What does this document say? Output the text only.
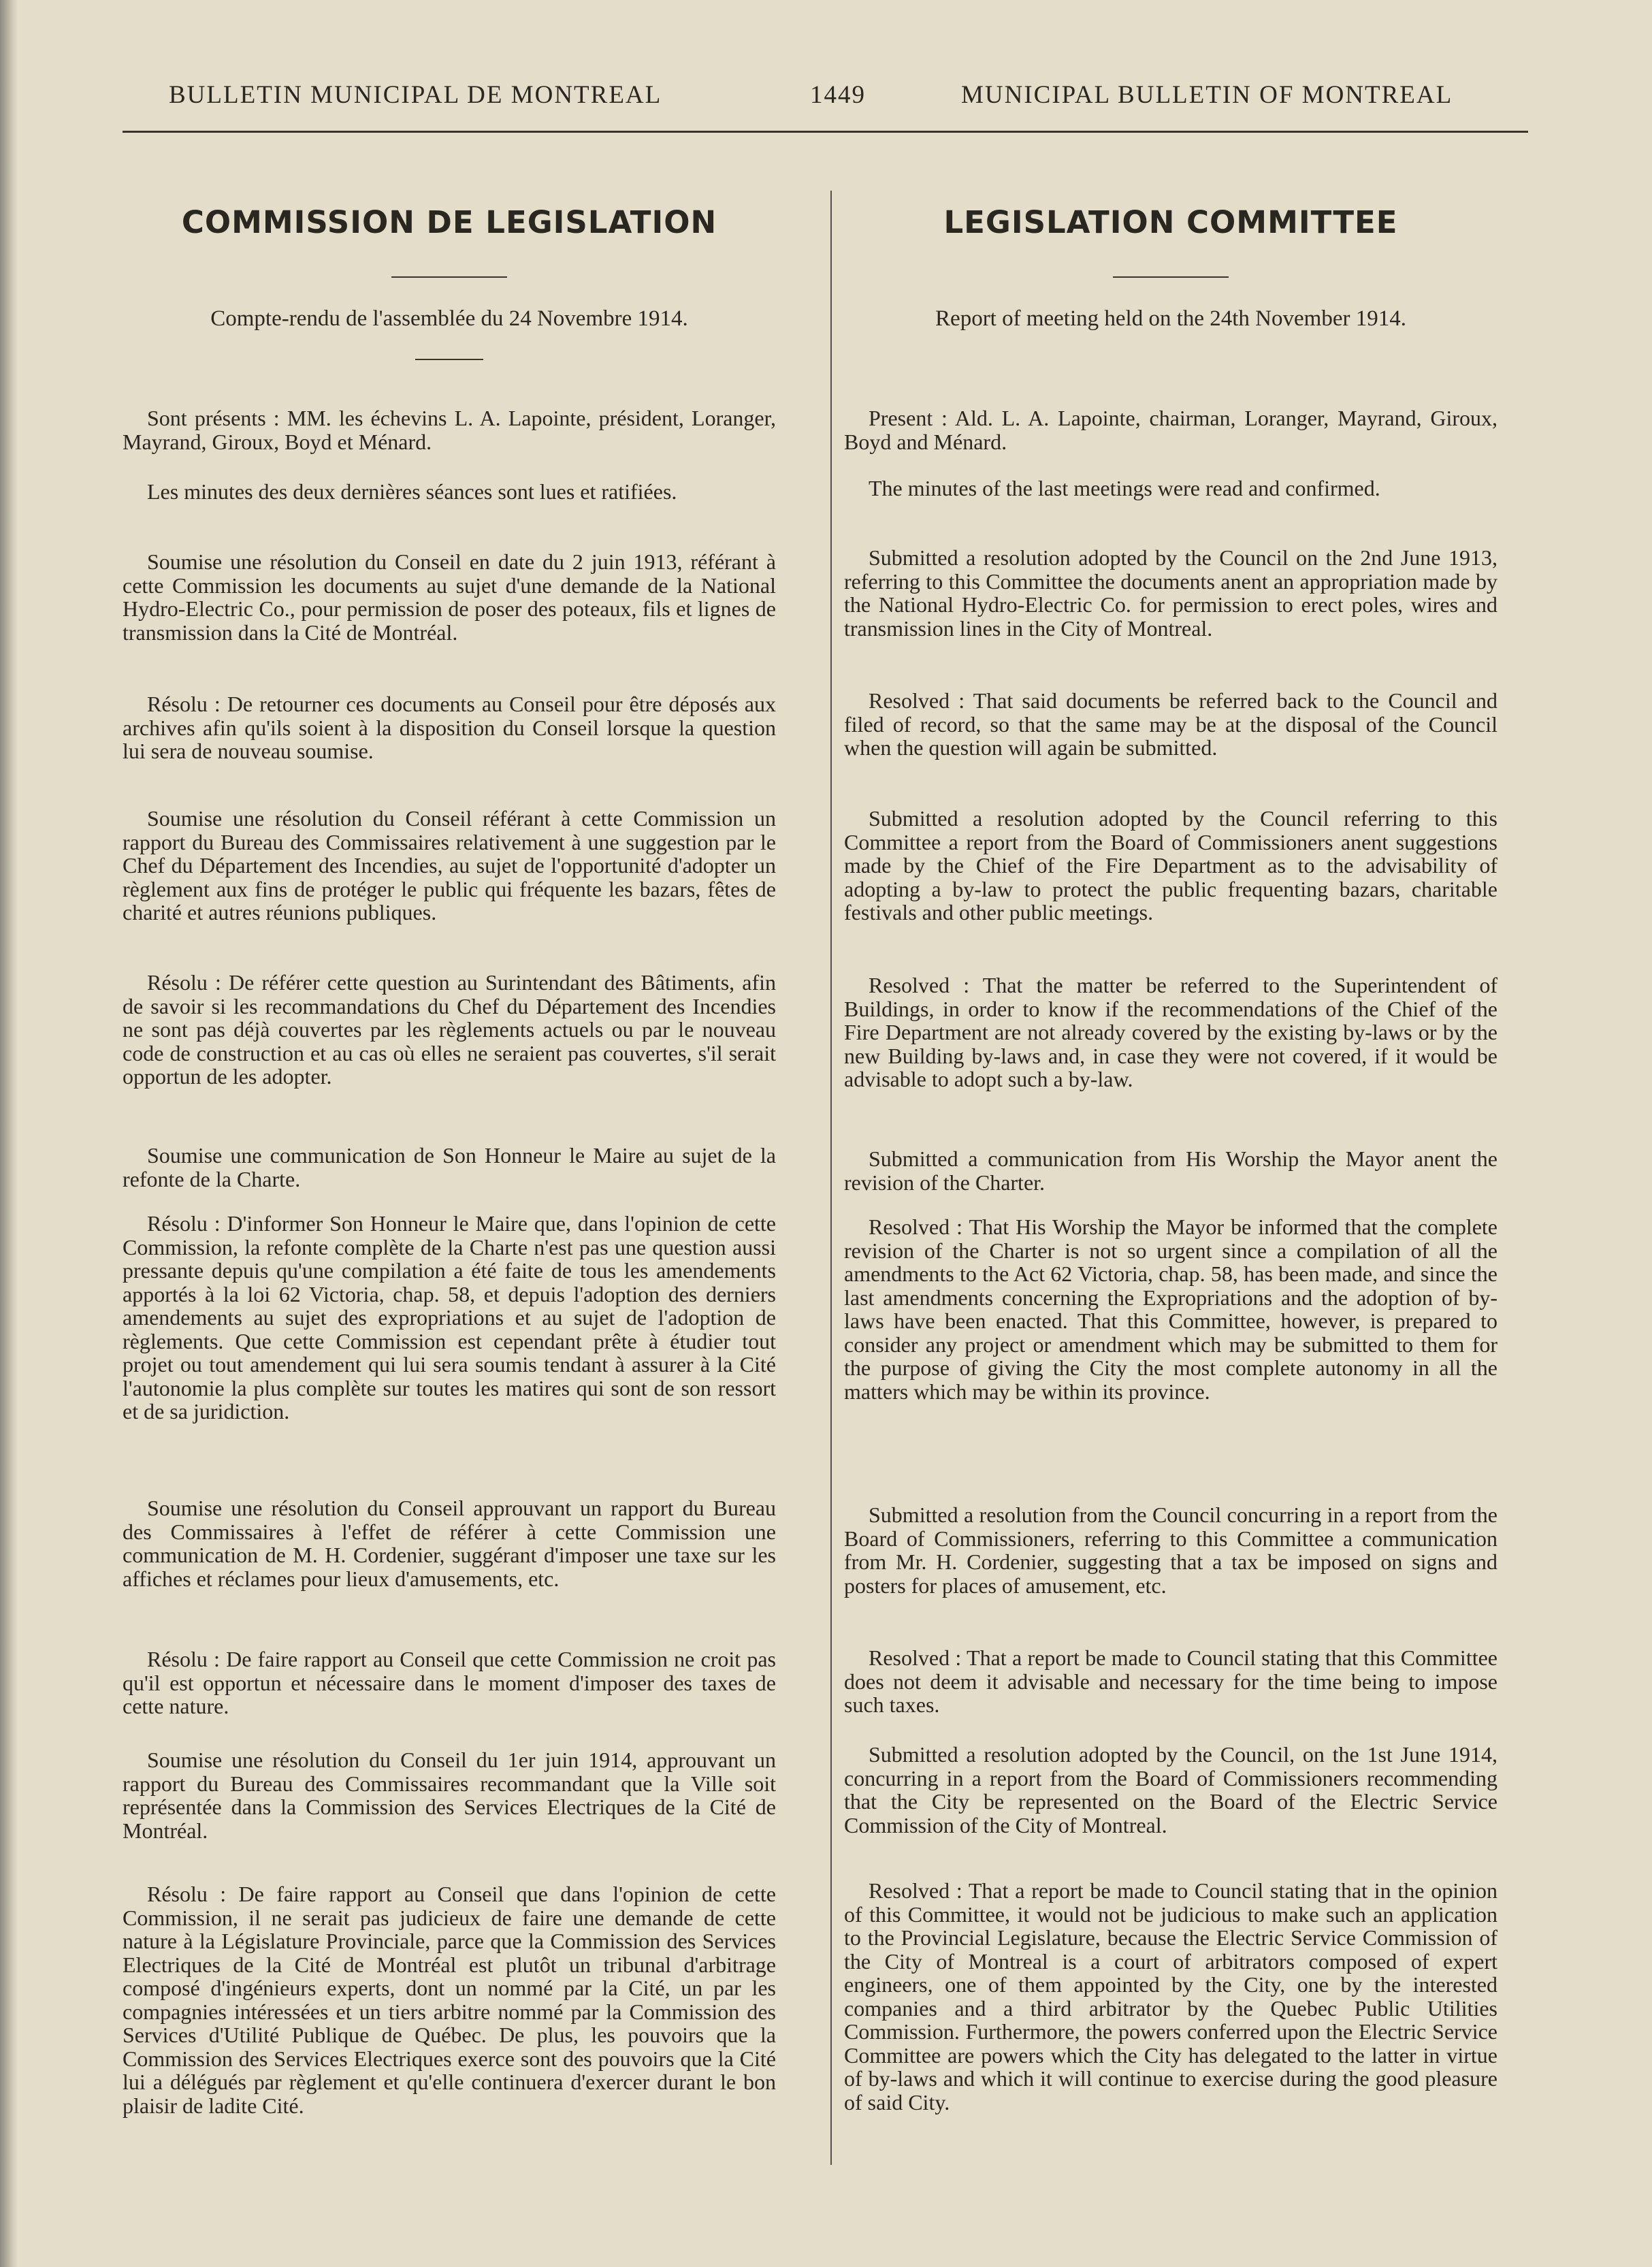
BULLETIN MUNICIPAL DE MONTREAL	1449	MUNICIPAL BULLETIN OF MONTREAL
COMMISSION DE LEGISLATION
Compte-rendu de l'assemblée du 24 Novembre 1914.

Sont présents : MM. les échevins L. A. Lapointe, président, Loranger, Mayrand, Giroux, Boyd et Ménard.

Les minutes des deux dernières séances sont lues et ratifiées.

Soumise une résolution du Conseil en date du 2 juin 1913, référant à cette Commission les documents au sujet d'une demande de la National Hydro-Electric Co., pour permission de poser des poteaux, fils et lignes de transmission dans la Cité de Montréal.

Résolu : De retourner ces documents au Conseil pour être déposés aux archives afin qu'ils soient à la disposition du Conseil lorsque la question lui sera de nouveau soumise.

Soumise une résolution du Conseil référant à cette Commission un rapport du Bureau des Commissaires relativement à une suggestion par le Chef du Département des Incendies, au sujet de l'opportunité d'adopter un règlement aux fins de protéger le public qui fréquente les bazars, fêtes de charité et autres réunions publiques.

Résolu : De référer cette question au Surintendant des Bâtiments, afin de savoir si les recommandations du Chef du Département des Incendies ne sont pas déjà couvertes par les règlements actuels ou par le nouveau code de construction et au cas où elles ne seraient pas couvertes, s'il serait opportun de les adopter.

Soumise une communication de Son Honneur le Maire au sujet de la refonte de la Charte.

Résolu : D'informer Son Honneur le Maire que, dans l'opinion de cette Commission, la refonte complète de la Charte n'est pas une question aussi pressante depuis qu'une compilation a été faite de tous les amendements apportés à la loi 62 Victoria, chap. 58, et depuis l'adoption des derniers amendements au sujet des expropriations et au sujet de l'adoption de règlements. Que cette Commission est cependant prête à étudier tout projet ou tout amendement qui lui sera soumis tendant à assurer à la Cité l'autonomie la plus complète sur toutes les matires qui sont de son ressort et de sa juridiction.

Soumise une résolution du Conseil approuvant un rapport du Bureau des Commissaires à l'effet de référer à cette Commission une communication de M. H. Cordenier, suggérant d'imposer une taxe sur les affiches et réclames pour lieux d'amusements, etc.

Résolu : De faire rapport au Conseil que cette Commission ne croit pas qu'il est opportun et nécessaire dans le moment d'imposer des taxes de cette nature.

Soumise une résolution du Conseil du 1er juin 1914, approuvant un rapport du Bureau des Commissaires recommandant que la Ville soit représentée dans la Commission des Services Electriques de la Cité de Montréal.

Résolu : De faire rapport au Conseil que dans l'opinion de cette Commission, il ne serait pas judicieux de faire une demande de cette nature à la Législature Provinciale, parce que la Commission des Services Electriques de la Cité de Montréal est plutôt un tribunal d'arbitrage composé d'ingénieurs experts, dont un nommé par la Cité, un par les compagnies intéressées et un tiers arbitre nommé par la Commission des Services d'Utilité Publique de Québec. De plus, les pouvoirs que la Commission des Services Electriques exerce sont des pouvoirs que la Cité lui a délégués par règlement et qu'elle continuera d'exercer durant le bon plaisir de ladite Cité.

LEGISLATION COMMITTEE
Report of meeting held on the 24th November 1914.

Present : Ald. L. A. Lapointe, chairman, Loranger, Mayrand, Giroux, Boyd and Ménard.

The minutes of the last meetings were read and confirmed.

Submitted a resolution adopted by the Council on the 2nd June 1913, referring to this Committee the documents anent an appropriation made by the National Hydro-Electric Co. for permission to erect poles, wires and transmission lines in the City of Montreal.

Resolved : That said documents be referred back to the Council and filed of record, so that the same may be at the disposal of the Council when the question will again be submitted.

Submitted a resolution adopted by the Council referring to this Committee a report from the Board of Commissioners anent suggestions made by the Chief of the Fire Department as to the advisability of adopting a by-law to protect the public frequenting bazars, charitable festivals and other public meetings.

Resolved : That the matter be referred to the Superintendent of Buildings, in order to know if the recommendations of the Chief of the Fire Department are not already covered by the existing by-laws or by the new Building by-laws and, in case they were not covered, if it would be advisable to adopt such a by-law.

Submitted a communication from His Worship the Mayor anent the revision of the Charter.

Resolved : That His Worship the Mayor be informed that the complete revision of the Charter is not so urgent since a compilation of all the amendments to the Act 62 Victoria, chap. 58, has been made, and since the last amendments concerning the Expropriations and the adoption of by-laws have been enacted. That this Committee, however, is prepared to consider any project or amendment which may be submitted to them for the purpose of giving the City the most complete autonomy in all the matters which may be within its province.

Submitted a resolution from the Council concurring in a report from the Board of Commissioners, referring to this Committee a communication from Mr. H. Cordenier, suggesting that a tax be imposed on signs and posters for places of amusement, etc.

Resolved : That a report be made to Council stating that this Committee does not deem it advisable and necessary for the time being to impose such taxes.

Submitted a resolution adopted by the Council, on the 1st June 1914, concurring in a report from the Board of Commissioners recommending that the City be represented on the Board of the Electric Service Commission of the City of Montreal.

Resolved : That a report be made to Council stating that in the opinion of this Committee, it would not be judicious to make such an application to the Provincial Legislature, because the Electric Service Commission of the City of Montreal is a court of arbitrators composed of expert engineers, one of them appointed by the City, one by the interested companies and a third arbitrator by the Quebec Public Utilities Commission. Furthermore, the powers conferred upon the Electric Service Committee are powers which the City has delegated to the latter in virtue of by-laws and which it will continue to exercise during the good pleasure of said City.
